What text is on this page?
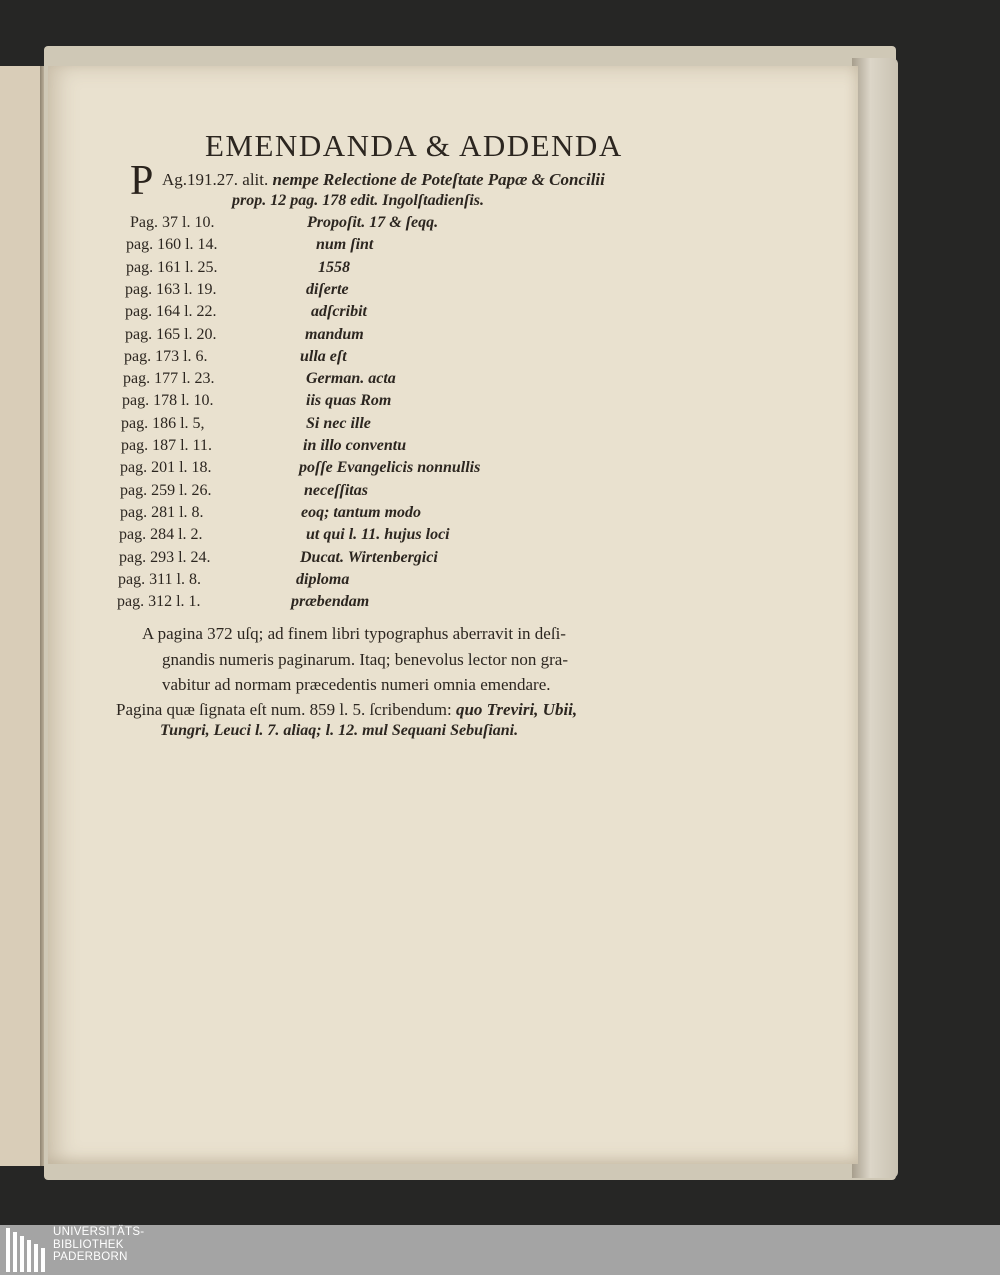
EMENDANDA & ADDENDA
P Ag.191.27. alit. nempe Relectione de Poteſtate Papæ & Concilii
prop. 12 pag. 178 edit. Ingolſtadienſis.
Pag. 37 l. 10.	Propoſit. 17 & ſeqq.
pag. 160 l. 14.	num ſint
pag. 161 l. 25.	1558
pag. 163 l. 19.	diſerte
pag. 164 l. 22.	adſcribit
pag. 165 l. 20.	mandum
pag. 173 l. 6.	ulla eſt
pag. 177 l. 23.	German. acta
pag. 178 l. 10.	iis quas Rom
pag. 186 l. 5,	Si nec ille
pag. 187 l. 11.	in illo conventu
pag. 201 l. 18.	poſſe Evangelicis nonnullis
pag. 259 l. 26.	neceſſitas
pag. 281 l. 8.	eoq; tantum modo
pag. 284 l. 2.	ut qui l. 11. hujus loci
pag. 293 l. 24.	Ducat. Wirtenbergici
pag. 311 l. 8.	diploma
pag. 312 l. 1.	præbendam
A pagina 372 uſq; ad finem libri typographus aberravit in deſi-
gnandis numeris paginarum. Itaq; benevolus lector non gra-
vabitur ad normam præcedentis numeri omnia emendare.
Pagina quæ ſignata eſt num. 859 l. 5. ſcribendum: quo Treviri, Ubii,
Tungri, Leuci l. 7. aliaq; l. 12. mul Sequani Sebuſiani.
UNIVERSITÄTS-
BIBLIOTHEK
PADERBORN
